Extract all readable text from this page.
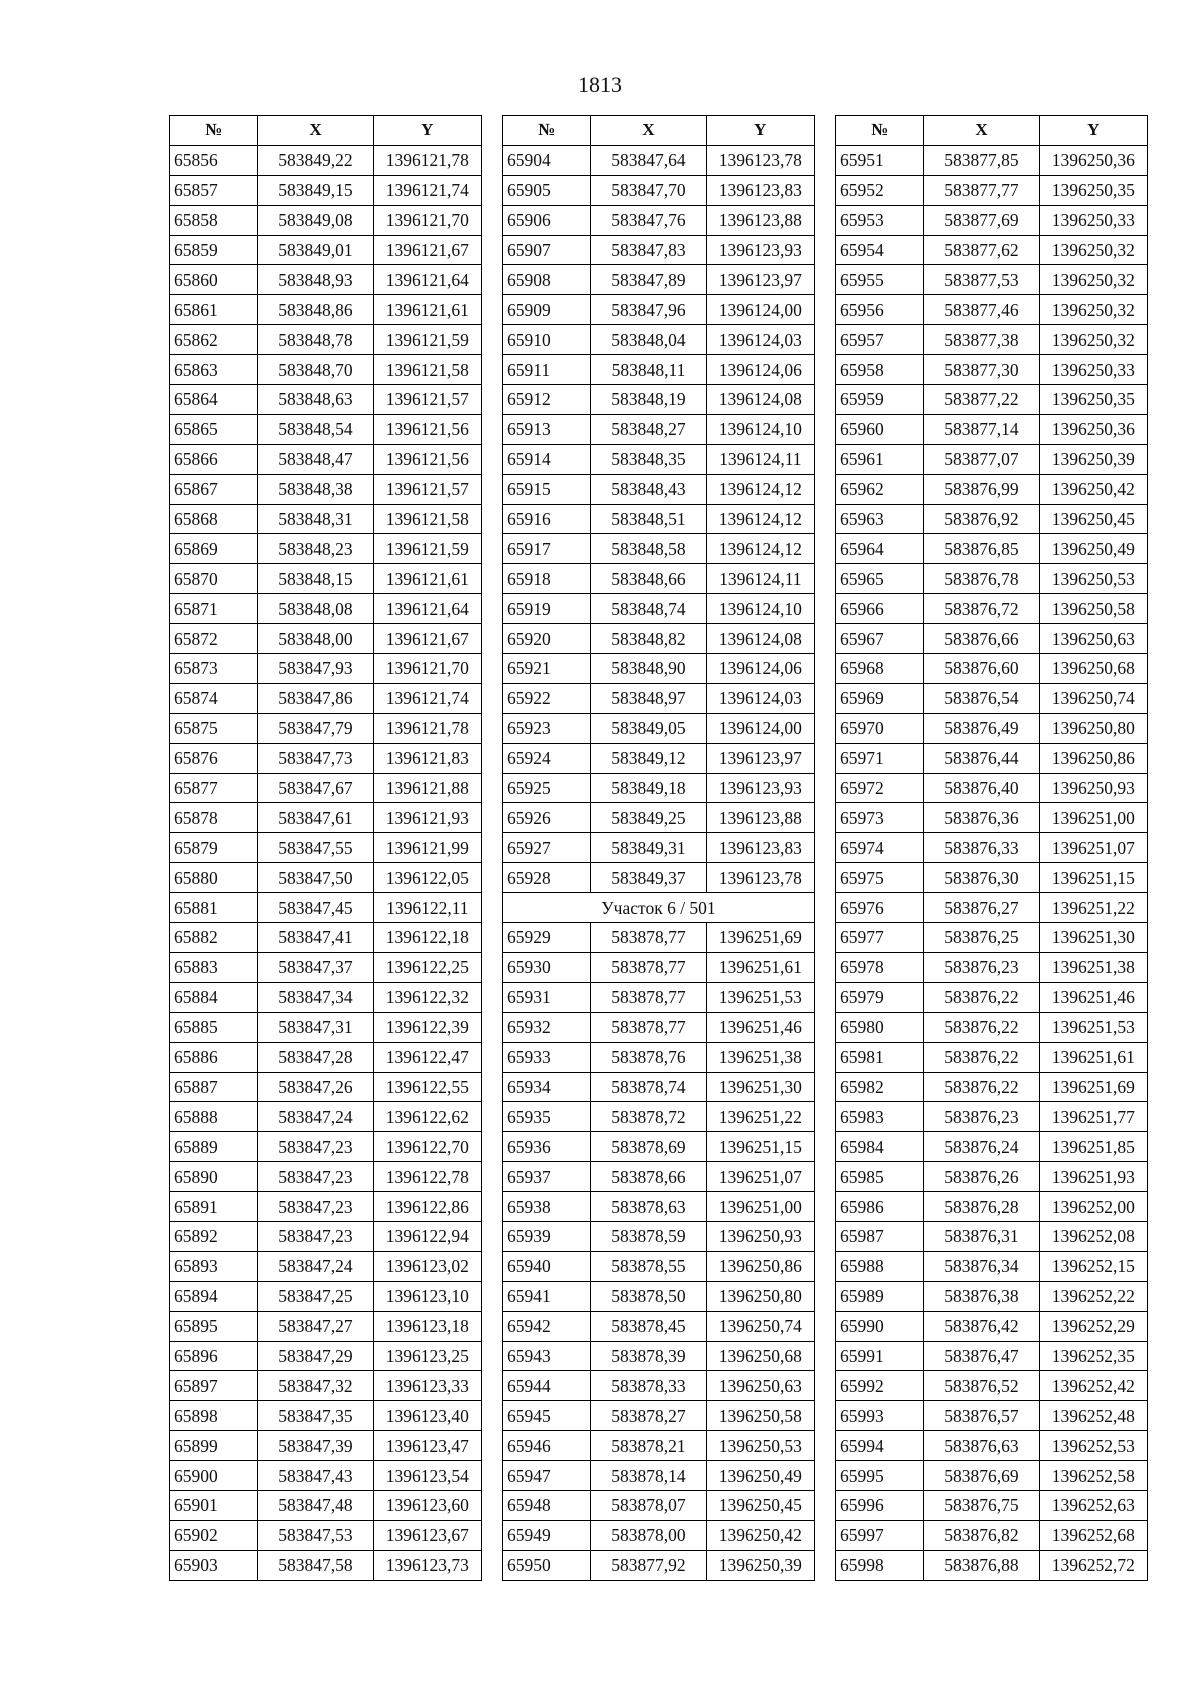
1813
№	X	Y
65856	583849,22	1396121,78
65857	583849,15	1396121,74
65858	583849,08	1396121,70
65859	583849,01	1396121,67
65860	583848,93	1396121,64
65861	583848,86	1396121,61
65862	583848,78	1396121,59
65863	583848,70	1396121,58
65864	583848,63	1396121,57
65865	583848,54	1396121,56
65866	583848,47	1396121,56
65867	583848,38	1396121,57
65868	583848,31	1396121,58
65869	583848,23	1396121,59
65870	583848,15	1396121,61
65871	583848,08	1396121,64
65872	583848,00	1396121,67
65873	583847,93	1396121,70
65874	583847,86	1396121,74
65875	583847,79	1396121,78
65876	583847,73	1396121,83
65877	583847,67	1396121,88
65878	583847,61	1396121,93
65879	583847,55	1396121,99
65880	583847,50	1396122,05
65881	583847,45	1396122,11
65882	583847,41	1396122,18
65883	583847,37	1396122,25
65884	583847,34	1396122,32
65885	583847,31	1396122,39
65886	583847,28	1396122,47
65887	583847,26	1396122,55
65888	583847,24	1396122,62
65889	583847,23	1396122,70
65890	583847,23	1396122,78
65891	583847,23	1396122,86
65892	583847,23	1396122,94
65893	583847,24	1396123,02
65894	583847,25	1396123,10
65895	583847,27	1396123,18
65896	583847,29	1396123,25
65897	583847,32	1396123,33
65898	583847,35	1396123,40
65899	583847,39	1396123,47
65900	583847,43	1396123,54
65901	583847,48	1396123,60
65902	583847,53	1396123,67
65903	583847,58	1396123,73
№	X	Y
65904	583847,64	1396123,78
65905	583847,70	1396123,83
65906	583847,76	1396123,88
65907	583847,83	1396123,93
65908	583847,89	1396123,97
65909	583847,96	1396124,00
65910	583848,04	1396124,03
65911	583848,11	1396124,06
65912	583848,19	1396124,08
65913	583848,27	1396124,10
65914	583848,35	1396124,11
65915	583848,43	1396124,12
65916	583848,51	1396124,12
65917	583848,58	1396124,12
65918	583848,66	1396124,11
65919	583848,74	1396124,10
65920	583848,82	1396124,08
65921	583848,90	1396124,06
65922	583848,97	1396124,03
65923	583849,05	1396124,00
65924	583849,12	1396123,97
65925	583849,18	1396123,93
65926	583849,25	1396123,88
65927	583849,31	1396123,83
65928	583849,37	1396123,78
Участок 6 / 501		
65929	583878,77	1396251,69
65930	583878,77	1396251,61
65931	583878,77	1396251,53
65932	583878,77	1396251,46
65933	583878,76	1396251,38
65934	583878,74	1396251,30
65935	583878,72	1396251,22
65936	583878,69	1396251,15
65937	583878,66	1396251,07
65938	583878,63	1396251,00
65939	583878,59	1396250,93
65940	583878,55	1396250,86
65941	583878,50	1396250,80
65942	583878,45	1396250,74
65943	583878,39	1396250,68
65944	583878,33	1396250,63
65945	583878,27	1396250,58
65946	583878,21	1396250,53
65947	583878,14	1396250,49
65948	583878,07	1396250,45
65949	583878,00	1396250,42
65950	583877,92	1396250,39
№	X	Y
65951	583877,85	1396250,36
65952	583877,77	1396250,35
65953	583877,69	1396250,33
65954	583877,62	1396250,32
65955	583877,53	1396250,32
65956	583877,46	1396250,32
65957	583877,38	1396250,32
65958	583877,30	1396250,33
65959	583877,22	1396250,35
65960	583877,14	1396250,36
65961	583877,07	1396250,39
65962	583876,99	1396250,42
65963	583876,92	1396250,45
65964	583876,85	1396250,49
65965	583876,78	1396250,53
65966	583876,72	1396250,58
65967	583876,66	1396250,63
65968	583876,60	1396250,68
65969	583876,54	1396250,74
65970	583876,49	1396250,80
65971	583876,44	1396250,86
65972	583876,40	1396250,93
65973	583876,36	1396251,00
65974	583876,33	1396251,07
65975	583876,30	1396251,15
65976	583876,27	1396251,22
65977	583876,25	1396251,30
65978	583876,23	1396251,38
65979	583876,22	1396251,46
65980	583876,22	1396251,53
65981	583876,22	1396251,61
65982	583876,22	1396251,69
65983	583876,23	1396251,77
65984	583876,24	1396251,85
65985	583876,26	1396251,93
65986	583876,28	1396252,00
65987	583876,31	1396252,08
65988	583876,34	1396252,15
65989	583876,38	1396252,22
65990	583876,42	1396252,29
65991	583876,47	1396252,35
65992	583876,52	1396252,42
65993	583876,57	1396252,48
65994	583876,63	1396252,53
65995	583876,69	1396252,58
65996	583876,75	1396252,63
65997	583876,82	1396252,68
65998	583876,88	1396252,72
